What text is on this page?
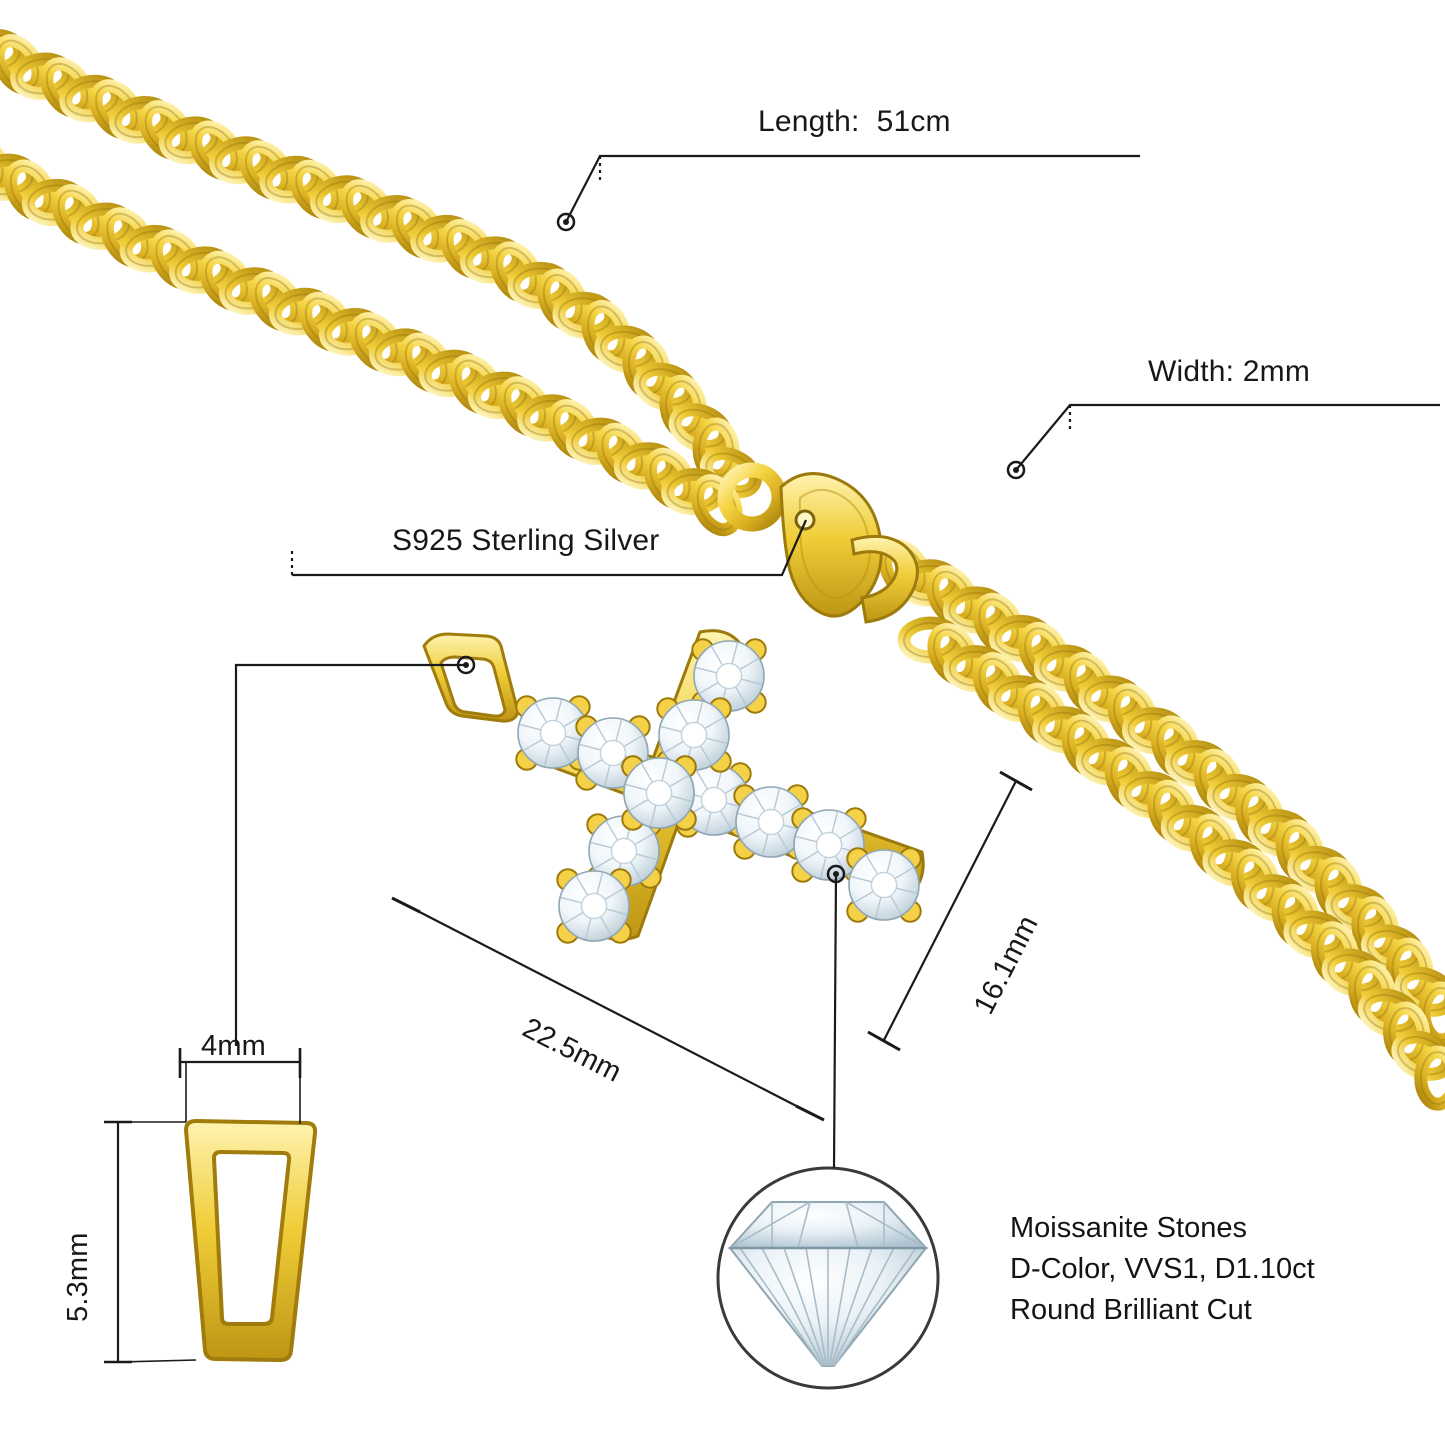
Length:  51cm
Width: 2mm
S925 Sterling Silver
22.5mm
16.1mm
4mm
5.3mm
Moissanite Stones
D-Color, VVS1, D1.10ct
Round Brilliant Cut
